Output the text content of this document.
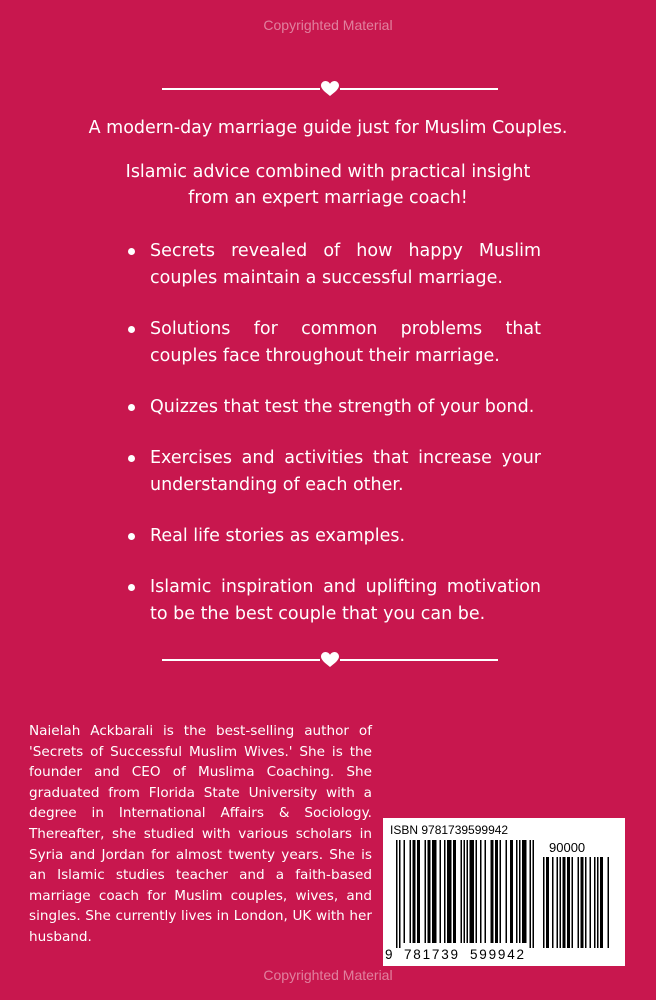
Copyrighted Material
A modern-day marriage guide just for Muslim Couples.
Islamic advice combined with practical insight
from an expert marriage coach!
Secrets revealed of how happy Muslim couples maintain a successful marriage.
Solutions for common problems that couples face throughout their marriage.
Quizzes that test the strength of your bond.
Exercises and activities that increase your understanding of each other.
Real life stories as examples.
Islamic inspiration and uplifting motivation to be the best couple that you can be.

Naielah Ackbarali is the best-selling author of 'Secrets of Successful Muslim Wives.' She is the founder and CEO of Muslima Coaching. She graduated from Florida State University with a degree in International Affairs & Sociology. Thereafter, she studied with various scholars in Syria and Jordan for almost twenty years. She is an Islamic studies teacher and a faith-based marriage coach for Muslim couples, wives, and singles. She currently lives in London, UK with her husband.

ISBN 9781739599942
90000
9 781739 599942
Copyrighted Material
